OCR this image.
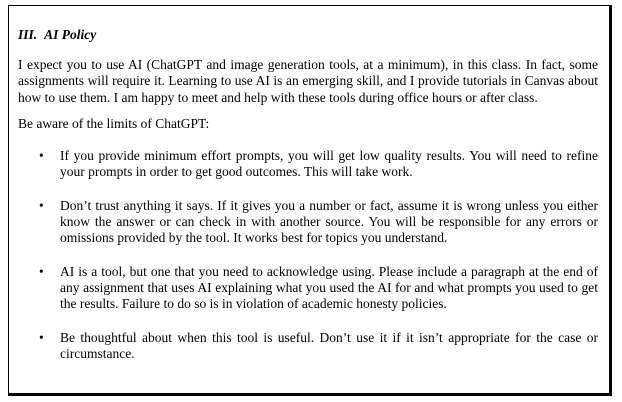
III. AI Policy

I expect you to use AI (ChatGPT and image generation tools, at a minimum), in this class. In fact, some assignments will require it. Learning to use AI is an emerging skill, and I provide tutorials in Canvas about how to use them. I am happy to meet and help with these tools during office hours or after class.

Be aware of the limits of ChatGPT:

• If you provide minimum effort prompts, you will get low quality results. You will need to refine your prompts in order to get good outcomes. This will take work.
• Don’t trust anything it says. If it gives you a number or fact, assume it is wrong unless you either know the answer or can check in with another source. You will be responsible for any errors or omissions provided by the tool. It works best for topics you understand.
• AI is a tool, but one that you need to acknowledge using. Please include a paragraph at the end of any assignment that uses AI explaining what you used the AI for and what prompts you used to get the results. Failure to do so is in violation of academic honesty policies.
• Be thoughtful about when this tool is useful. Don’t use it if it isn’t appropriate for the case or circumstance.
